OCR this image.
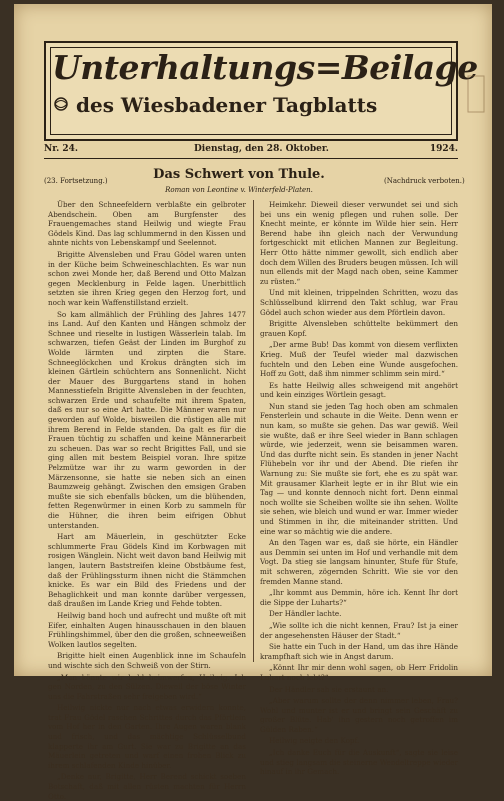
Unterhaltungs=Beilage
des Wiesbadener Tagblatts
Nr. 24.	Dienstag, den 28. Oktober.	1924.
(23. Fortsetzung.)	Das Schwert von Thule.	(Nachdruck verboten.)
Roman von Leontine v. Winterfeld-Platen.

Über den Schneefeldern verblaßte ein gelbroter Abendschein. Oben am Burgfenster des Frauengemaches stand Heilwig und wiegte Frau Gödels Kind. Das lag schlummernd in den Kissen und ahnte nichts von Lebenskampf und Seelennot.

Brigitte Alvensleben und Frau Gödel waren unten in der Küche beim Schweineschlachten. Es war nun schon zwei Monde her, daß Berend und Otto Malzan gegen Mecklenburg in Felde lagen. Unerbittlich setzten sie ihren Krieg gegen den Herzog fort, und noch war kein Waffenstillstand erzielt.

So kam allmählich der Frühling des Jahres 1477 ins Land. Auf den Kanten und Hängen schmolz der Schnee und rieselte in lustigen Wässerlein talab. Im schwarzen, tiefen Geäst der Linden im Burghof zu Wolde lärmten und zirpten die Stare. Schneeglöckchen und Krokus drängten sich im kleinen Gärtlein schüchtern ans Sonnenlicht. Nicht der Mauer des Burggartens stand in hohen Mannesstiefeln Brigitte Alvensleben in der feuchten, schwarzen Erde und schaufelte mit ihrem Spaten, daß es nur so eine Art hatte. Die Männer waren nur geworden auf Wolde, bisweilen die rüstigen alle mit ihrem Berend in Felde standen. Da galt es für die Frauen tüchtig zu schaffen und keine Männerarbeit zu scheuen. Das war so recht Brigittes Fall, und sie ging allen mit bestem Beispiel voran. Ihre spitze Pelzmütze war ihr zu warm geworden in der Märzensonne, sie hatte sie neben sich an einen Baumzweig gehängt. Zwischen den emsigen Graben mußte sie sich ebenfalls bücken, um die blühenden, fetten Regenwürmer in einen Korb zu sammeln für die Hühner, die ihren beim eifrigen Obhut unterstanden.

Hart am Mäuerlein, in geschützter Ecke schlummerte Frau Gödels Kind im Korbwagen mit rosigen Wänglein. Nicht weit davon band Heilwig mit langen, lautern Baststreifen kleine Obstbäume fest, daß der Frühlingssturm ihnen nicht die Stämmchen knicke. Es war ein Bild des Friedens und der Behaglichkeit und man konnte darüber vergessen, daß draußen im Lande Krieg und Fehde tobten.

Heilwig band hoch und aufrecht und mußte oft mit Eifer, einhalten Augen hinausschauen in den blauen Frühlingshimmel, über den die großen, schneeweißen Wolken lautlos segelten.

Brigitte hielt einen Augenblick inne im Schaufeln und wischte sich den Schweiß von der Stirn.

„Man könnte wir bald heimwerfen, Heilwig. Ich gen Norden, zu den Sülzen. Dieweil der böse Winter uns die Fahrstraßen sehr freigeben wird.“

Heilwig nickte nur nach etwas erwidern konnte, trat Frau Gödel raschen Schrittes durch das Pförtlein vom Hof her in den Garten. Ihre Augen waren blank und frisch, und das mächtige Schlüsselbund klapperte ihr am Gurt. Sie war zu Brigitte an das Mäuerlein getreten und warf einen frohen Blick zu ihrem schlafenden Kinde hinüber.

„Denke nur, Brigitte, Herr Berend schickt soeben Botschaft, daß mit allen rüsten machten für Herrn Otto.

Heimkehr. Dieweil dieser verwundet sei und sich bei uns ein wenig pflegen und ruhen solle. Der Knecht meinte, er könnte im Wilde hier sein. Herr Berend habe ihn gleich nach der Verwundung fortgeschickt mit etlichen Mannen zur Begleitung. Herr Otto hätte nimmer gewollt, sich endlich aber doch dem Willen des Bruders beugen müssen. Ich will nun ellends mit der Magd nach oben, seine Kammer zu rüsten.“

Und mit kleinen, trippelnden Schritten, wozu das Schlüsselbund klirrend den Takt schlug, war Frau Gödel auch schon wieder aus dem Pförtlein davon.

Brigitte Alvensleben schüttelte bekümmert den grauen Kopf.

„Der arme Bub! Das kommt von diesem verflixten Krieg. Muß der Teufel wieder mal dazwischen fuchteln und den Leben eine Wunde ausgefochen. Hoff zu Gott, daß ihm nimmer schlimm sein mird.“

Es hatte Heilwig alles schweigend mit angehört und kein einziges Wörtlein gesagt.

Nun stand sie jeden Tag hoch oben am schmalen Fensterlein und schaute in die Weite. Denn wenn er nun kam, so mußte sie gehen. Das war gewiß. Weil sie wußte, daß er ihre Seel wieder in Bann schlagen würde, wie jederzeit, wenn sie beisammen waren. Und das durfte nicht sein. Es standen in jener Nacht Flühebeln vor ihr und der Abend. Die riefen ihr Warnung zu: Sie mußte sie fort, ehe es zu spät war. Mit grausamer Klarheit legte er in ihr Blut wie ein Tag — und konnte dennoch nicht fort. Denn einmal noch wollte sie Scheiben wollte sie ihn sehen. Wollte sie sehen, wie bleich und wund er war. Immer wieder und Stimmen in ihr, die miteinander stritten. Und eine war so mächtig wie die andere.

An den Tagen war es, daß sie hörte, ein Händler aus Demmin sei unten im Hof und verhandle mit dem Vogt. Da stieg sie langsam hinunter, Stufe für Stufe, mit schweren, zögernden Schritt. Wie sie vor den fremden Manne stand.

„Ihr kommt aus Demmin, höre ich. Kennt Ihr dort die Sippe der Luharts?“

Der Händler lachte.

„Wie sollte ich die nicht kennen, Frau? Ist ja einer der angesehensten Häuser der Stadt.“

Sie hatte ein Tuch in der Hand, um das ihre Hände krampfhaft sich wie in Angst darum.

„Könnt Ihr mir denn wohl sagen, ob Herr Fridolin Luhart noch lebt?“

Der Händler sah sie erstaunt an.

„Aber warum sollte der denn nimmer leben, Frau? Wohl und munter ist er und bringt sein Geschäft zu großer Blüte. Hab' ihn gestern noch getroffen im Gülden Raben.“

Heilwig neigte den Kopf.

„Ich danke Euch für die Auskunft“, sagte sie leise und stieg langsam die steinerne Wendeltreppe wieder hinauf in ihr Gemach.
